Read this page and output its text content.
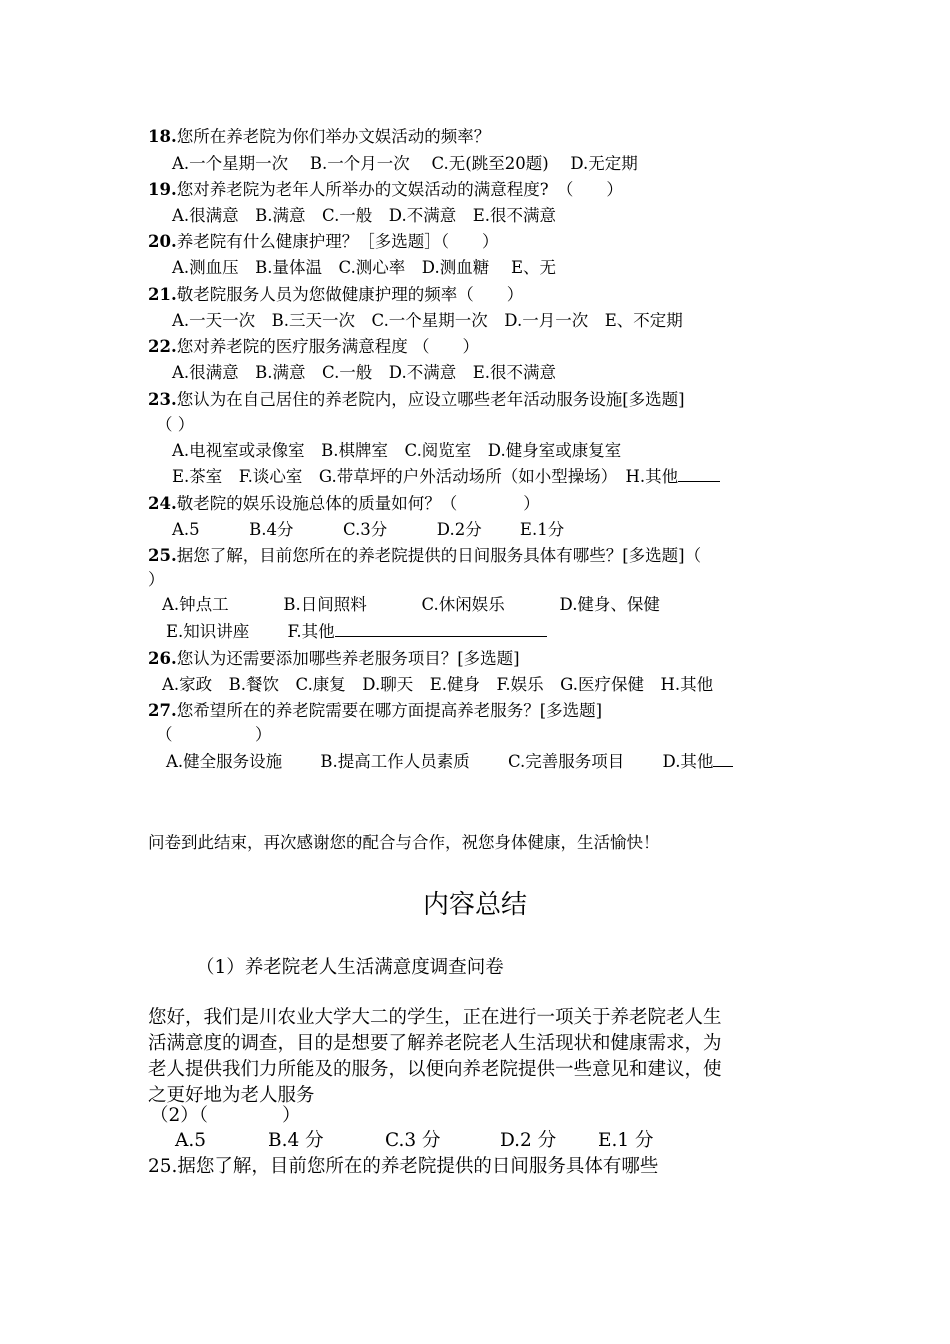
18.您所在养老院为你们举办文娱活动的频率？
A.一个星期一次　 B.一个月一次　 C.无(跳至20题)　 D.无定期
19.您对养老院为老年人所举办的文娱活动的满意程度?　（　　）
A.很满意　B.满意　C.一般　D.不满意　E.很不满意
20.养老院有什么健康护理？［多选题］（　　）
A.测血压　B.量体温　C.测心率　D.测血糖　 E、无
21.敬老院服务人员为您做健康护理的频率（　　）
A.一天一次　B.三天一次　C.一个星期一次　D.一月一次　E、不定期
22.您对养老院的医疗服务满意程度 （　　）
A.很满意　B.满意　C.一般　D.不满意　E.很不满意
23.您认为在自己居住的养老院内，应设立哪些老年活动服务设施[多选题]
（ ）
A.电视室或录像室　B.棋牌室　C.阅览室　D.健身室或康复室
E.茶室　F.谈心室　G.带草坪的户外活动场所（如小型操场）　H.其他
24.敬老院的娱乐设施总体的质量如何？（　　　　）
A.5　　　B.4分　　　C.3分　　　D.2分　　 E.1分
25.据您了解，目前您所在的养老院提供的日间服务具体有哪些？[多选题]（
）
A.钟点工　　　 B.日间照料　　　 C.休闲娱乐　　　 D.健身、保健
E.知识讲座　　 F.其他
26.您认为还需要添加哪些养老服务项目？[多选题]
A.家政　B.餐饮　C.康复　D.聊天　E.健身　F.娱乐　G.医疗保健　H.其他
27.您希望所在的养老院需要在哪方面提高养老服务？[多选题]
（　　　　　）
A.健全服务设施　　 B.提高工作人员素质　　 C.完善服务项目　　 D.其他
问卷到此结束，再次感谢您的配合与合作，祝您身体健康，生活愉快！
内容总结
（1）养老院老人生活满意度调查问卷
您好，我们是川农业大学大二的学生，正在进行一项关于养老院老人生
活满意度的调查，目的是想要了解养老院老人生活现状和健康需求，为
老人提供我们力所能及的服务，以便向养老院提供一些意见和建议，使
之更好地为老人服务
（2）（　　　　）
A.5	B.4 分	C.3 分	D.2 分 E.1 分
25.据您了解，目前您所在的养老院提供的日间服务具体有哪些
